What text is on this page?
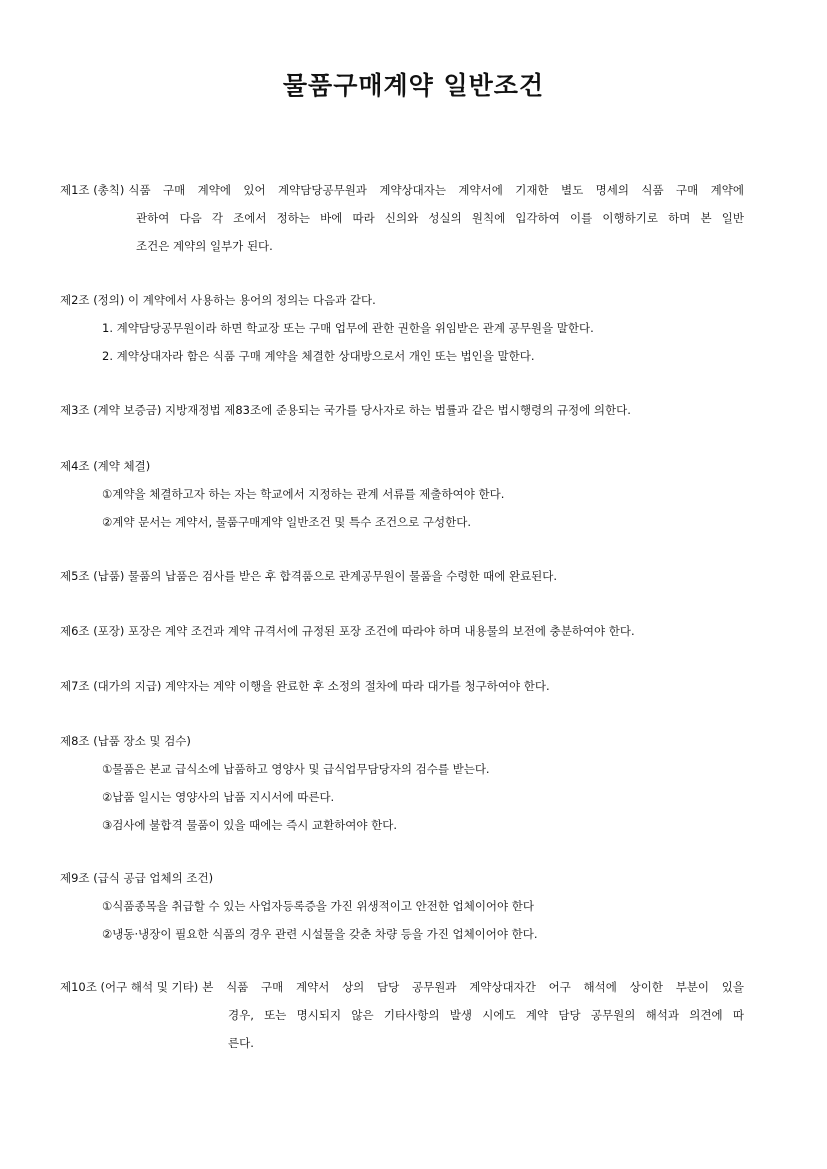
물품구매계약 일반조건
제1조 (총칙) 식품 구매 계약에 있어 계약담당공무원과 계약상대자는 계약서에 기재한 별도 명세의 식품 구매 계약에
관하여 다음 각 조에서 정하는 바에 따라 신의와 성실의 원칙에 입각하여 이를 이행하기로 하며 본 일반
조건은 계약의 일부가 된다.
제2조 (정의) 이 계약에서 사용하는 용어의 정의는 다음과 같다.
1. 계약담당공무원이라 하면 학교장 또는 구매 업무에 관한 권한을 위임받은 관계 공무원을 말한다.
2. 계약상대자라 함은 식품 구매 계약을 체결한 상대방으로서 개인 또는 법인을 말한다.
제3조 (계약 보증금) 지방재정법 제83조에 준용되는 국가를 당사자로 하는 법률과 같은 법시행령의 규정에 의한다.
제4조 (계약 체결)
①계약을 체결하고자 하는 자는 학교에서 지정하는 관계 서류를 제출하여야 한다.
②계약 문서는 계약서, 물품구매계약 일반조건 및 특수 조건으로 구성한다.
제5조 (납품) 물품의 납품은 검사를 받은 후 합격품으로 관계공무원이 물품을 수령한 때에 완료된다.
제6조 (포장) 포장은 계약 조건과 계약 규격서에 규정된 포장 조건에 따라야 하며 내용물의 보전에 충분하여야 한다.
제7조 (대가의 지급) 계약자는 계약 이행을 완료한 후 소정의 절차에 따라 대가를 청구하여야 한다.
제8조 (납품 장소 및 검수)
①물품은 본교 급식소에 납품하고 영양사 및 급식업무담당자의 검수를 받는다.
②납품 일시는 영양사의 납품 지시서에 따른다.
③검사에 불합격 물품이 있을 때에는 즉시 교환하여야 한다.
제9조 (급식 공급 업체의 조건)
①식품종목을 취급할 수 있는 사업자등록증을 가진 위생적이고 안전한 업체이어야 한다
②냉동·냉장이 필요한 식품의 경우 관련 시설물을 갖춘 차량 등을 가진 업체이어야 한다.
제10조 (어구 해석 및 기타) 본 식품 구매 계약서 상의 담당 공무원과 계약상대자간 어구 해석에 상이한 부분이 있을
경우, 또는 명시되지 않은 기타사항의 발생 시에도 계약 담당 공무원의 해석과 의견에 따
른다.
